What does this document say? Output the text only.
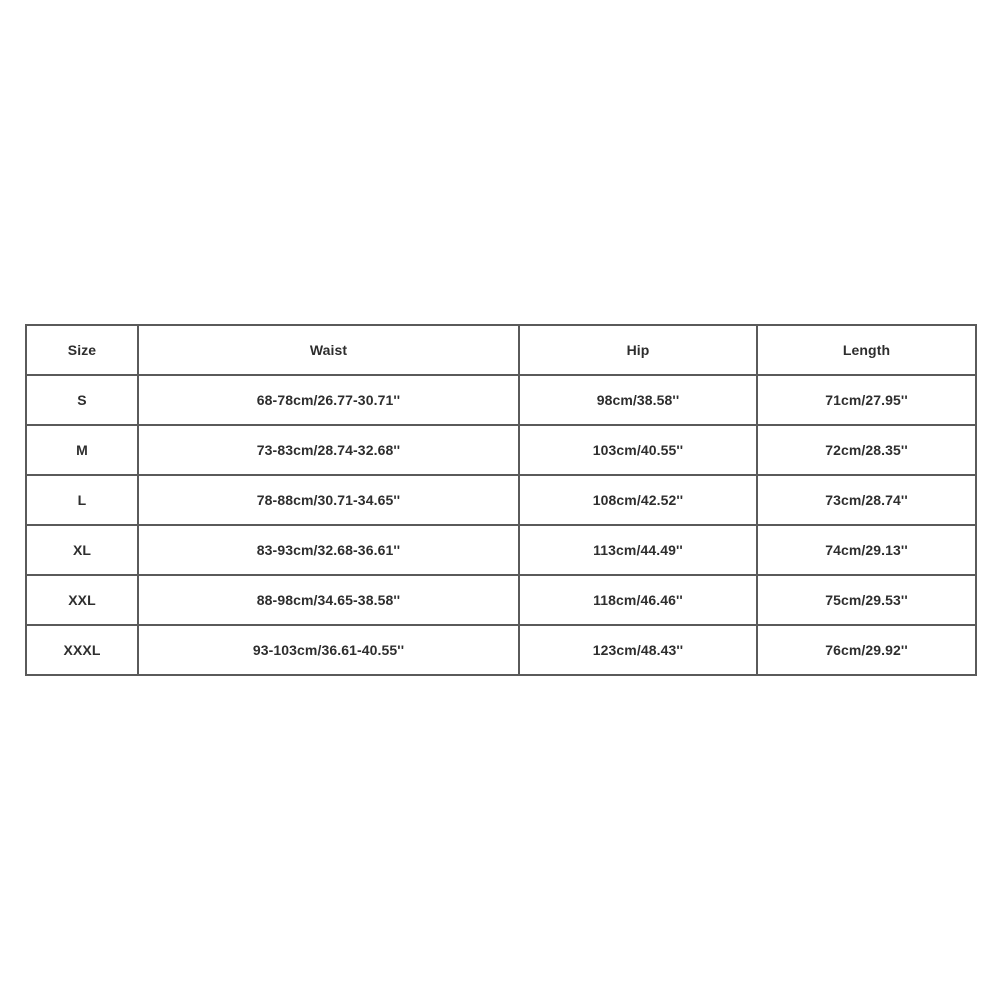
Size	Waist	Hip	Length
S	68-78cm/26.77-30.71''	98cm/38.58''	71cm/27.95''
M	73-83cm/28.74-32.68''	103cm/40.55''	72cm/28.35''
L	78-88cm/30.71-34.65''	108cm/42.52''	73cm/28.74''
XL	83-93cm/32.68-36.61''	113cm/44.49''	74cm/29.13''
XXL	88-98cm/34.65-38.58''	118cm/46.46''	75cm/29.53''
XXXL	93-103cm/36.61-40.55''	123cm/48.43''	76cm/29.92''
